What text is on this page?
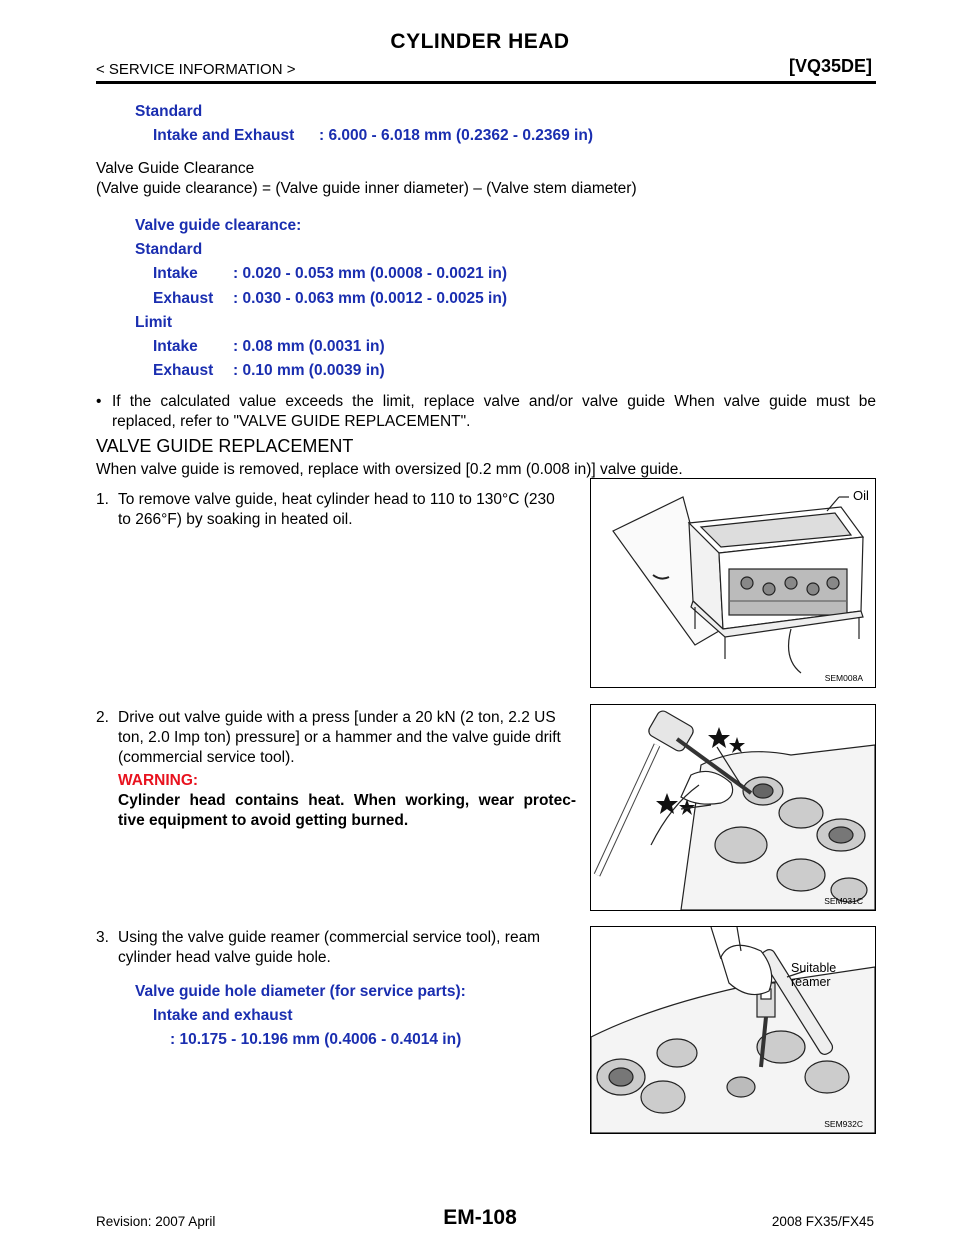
CYLINDER HEAD
< SERVICE INFORMATION >	[VQ35DE]
Standard
Intake and Exhaust : 6.000 - 6.018 mm (0.2362 - 0.2369 in)
Valve Guide Clearance
(Valve guide clearance) = (Valve guide inner diameter) – (Valve stem diameter)
Valve guide clearance:
Standard
Intake : 0.020 - 0.053 mm (0.0008 - 0.0021 in)
Exhaust : 0.030 - 0.063 mm (0.0012 - 0.0025 in)
Limit
Intake : 0.08 mm (0.0031 in)
Exhaust : 0.10 mm (0.0039 in)
• If the calculated value exceeds the limit, replace valve and/or valve guide When valve guide must be
replaced, refer to "VALVE GUIDE REPLACEMENT".
VALVE GUIDE REPLACEMENT
When valve guide is removed, replace with oversized [0.2 mm (0.008 in)] valve guide.
1. To remove valve guide, heat cylinder head to 110 to 130°C (230
to 266°F) by soaking in heated oil.
2. Drive out valve guide with a press [under a 20 kN (2 ton, 2.2 US
ton, 2.0 Imp ton) pressure] or a hammer and the valve guide drift
(commercial service tool).
WARNING:
Cylinder head contains heat. When working, wear protec-
tive equipment to avoid getting burned.
3. Using the valve guide reamer (commercial service tool), ream
cylinder head valve guide hole.
Valve guide hole diameter (for service parts):
Intake and exhaust
: 10.175 - 10.196 mm (0.4006 - 0.4014 in)
Oil
SEM008A
SEM931C
Suitable reamer
SEM932C
Revision: 2007 April	EM-108	2008 FX35/FX45
